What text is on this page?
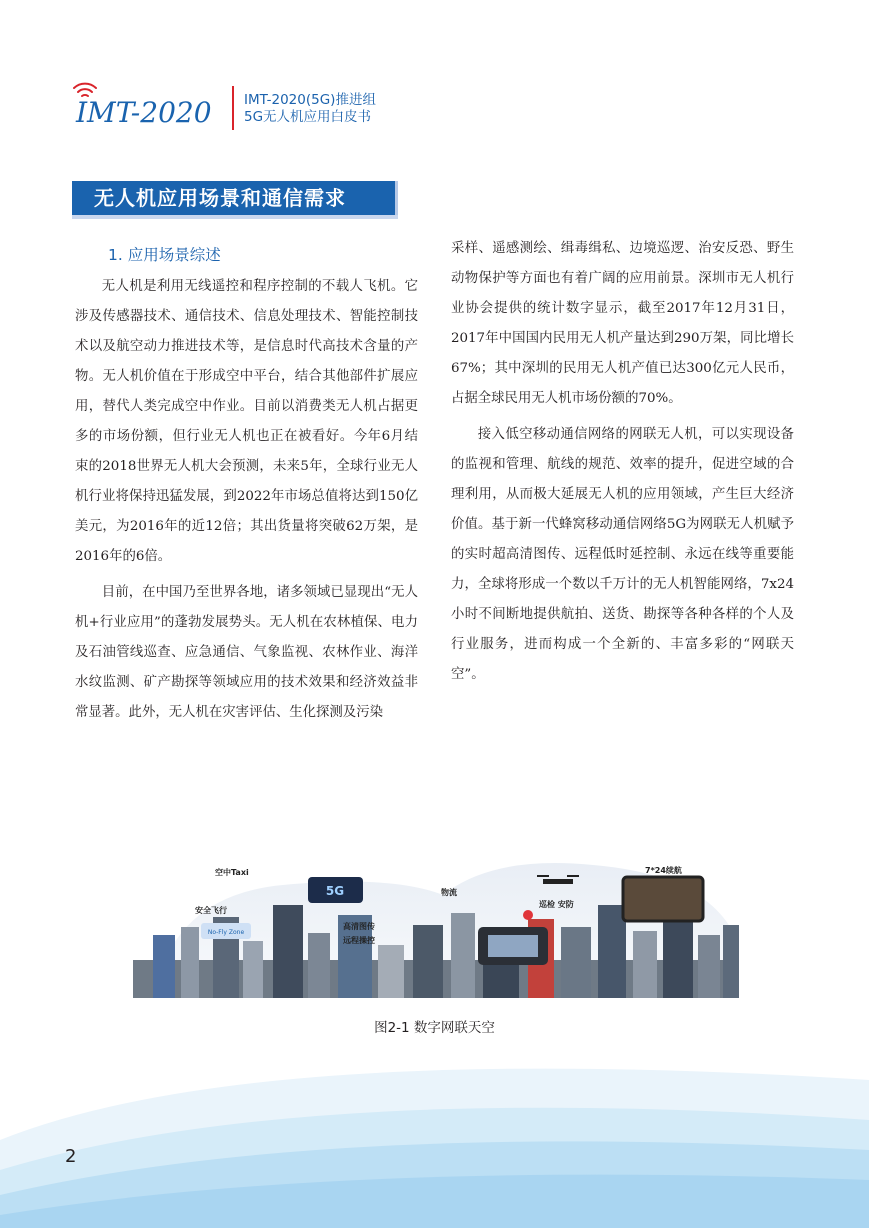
IMT-2020 IMT-2020(5G)推进组
5G无人机应用白皮书
无人机应用场景和通信需求
1. 应用场景综述

无人机是利用无线遥控和程序控制的不载人飞机。它涉及传感器技术、通信技术、信息处理技术、智能控制技术以及航空动力推进技术等，是信息时代高技术含量的产物。无人机价值在于形成空中平台，结合其他部件扩展应用，替代人类完成空中作业。目前以消费类无人机占据更多的市场份额，但行业无人机也正在被看好。今年6月结束的2018世界无人机大会预测，未来5年，全球行业无人机行业将保持迅猛发展，到2022年市场总值将达到150亿美元，为2016年的近12倍；其出货量将突破62万架，是2016年的6倍。

目前，在中国乃至世界各地，诸多领域已显现出“无人机+行业应用”的蓬勃发展势头。无人机在农林植保、电力及石油管线巡查、应急通信、气象监视、农林作业、海洋水纹监测、矿产勘探等领域应用的技术效果和经济效益非常显著。此外，无人机在灾害评估、生化探测及污染

采样、遥感测绘、缉毒缉私、边境巡逻、治安反恐、野生动物保护等方面也有着广阔的应用前景。深圳市无人机行业协会提供的统计数字显示，截至2017年12月31日，2017年中国国内民用无人机产量达到290万架，同比增长67%；其中深圳的民用无人机产值已达300亿元人民币，占据全球民用无人机市场份额的70%。

接入低空移动通信网络的网联无人机，可以实现设备的监视和管理、航线的规范、效率的提升，促进空域的合理利用，从而极大延展无人机的应用领域，产生巨大经济价值。基于新一代蜂窝移动通信网络5G为网联无人机赋予的实时超高清图传、远程低时延控制、永远在线等重要能力，全球将形成一个数以千万计的无人机智能网络，7x24小时不间断地提供航拍、送货、勘探等各种各样的个人及行业服务，进而构成一个全新的、丰富多彩的“网联天空”。

5G
No-Fly Zone
空中Taxi
安全飞行
物流
高清图传
远程操控
巡检 安防
7*24续航
图2-1 数字网联天空
2
